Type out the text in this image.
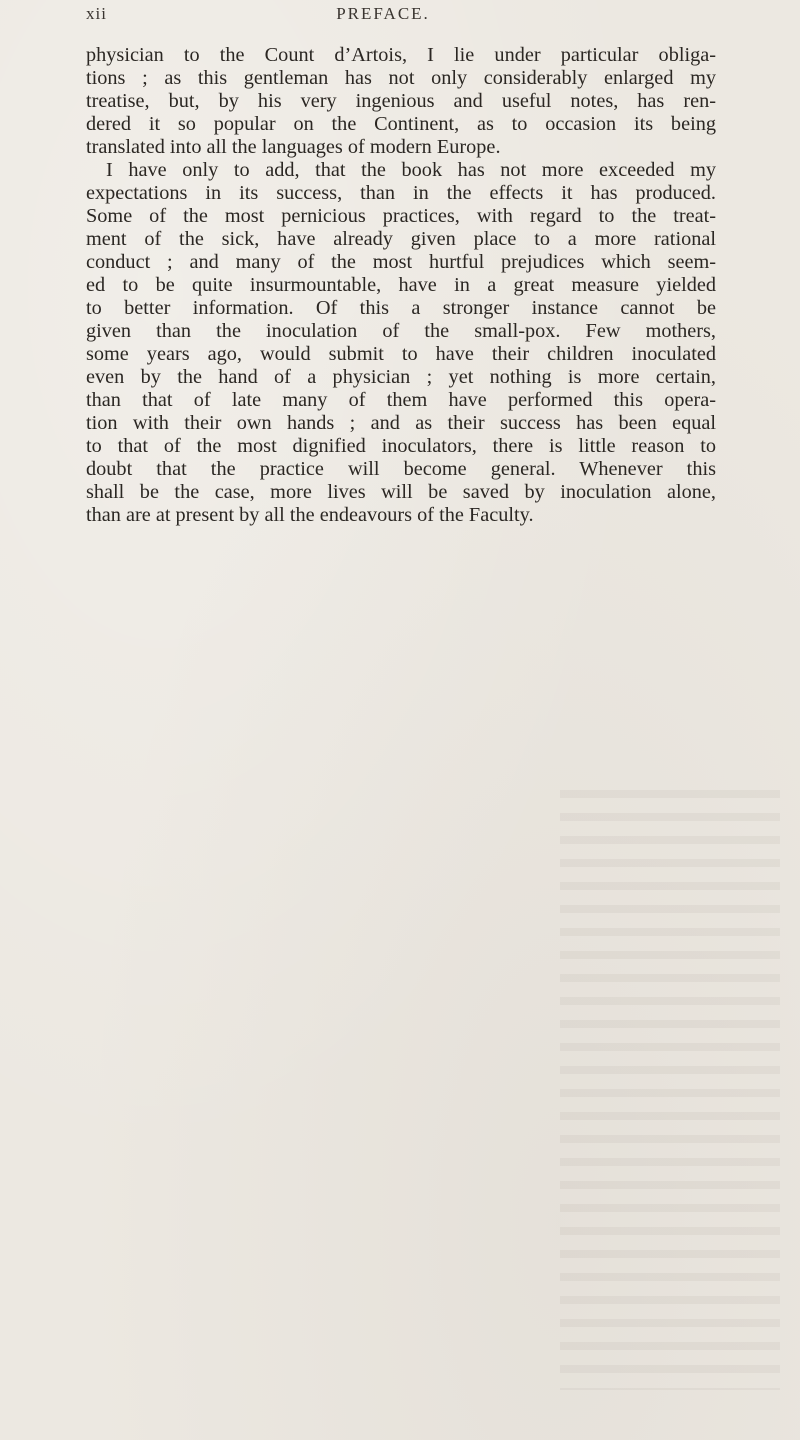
xii	PREFACE.
physician to the Count d’Artois, I lie under particular obliga-
tions ; as this gentleman has not only considerably enlarged my
treatise, but, by his very ingenious and useful notes, has ren-
dered it so popular on the Continent, as to occasion its being
translated into all the languages of modern Europe.
I have only to add, that the book has not more exceeded my
expectations in its success, than in the effects it has produced.
Some of the most pernicious practices, with regard to the treat-
ment of the sick, have already given place to a more rational
conduct ; and many of the most hurtful prejudices which seem-
ed to be quite insurmountable, have in a great measure yielded
to better information. Of this a stronger instance cannot be
given than the inoculation of the small-pox. Few mothers,
some years ago, would submit to have their children inoculated
even by the hand of a physician ; yet nothing is more certain,
than that of late many of them have performed this opera-
tion with their own hands ; and as their success has been equal
to that of the most dignified inoculators, there is little reason to
doubt that the practice will become general. Whenever this
shall be the case, more lives will be saved by inoculation alone,
than are at present by all the endeavours of the Faculty.
